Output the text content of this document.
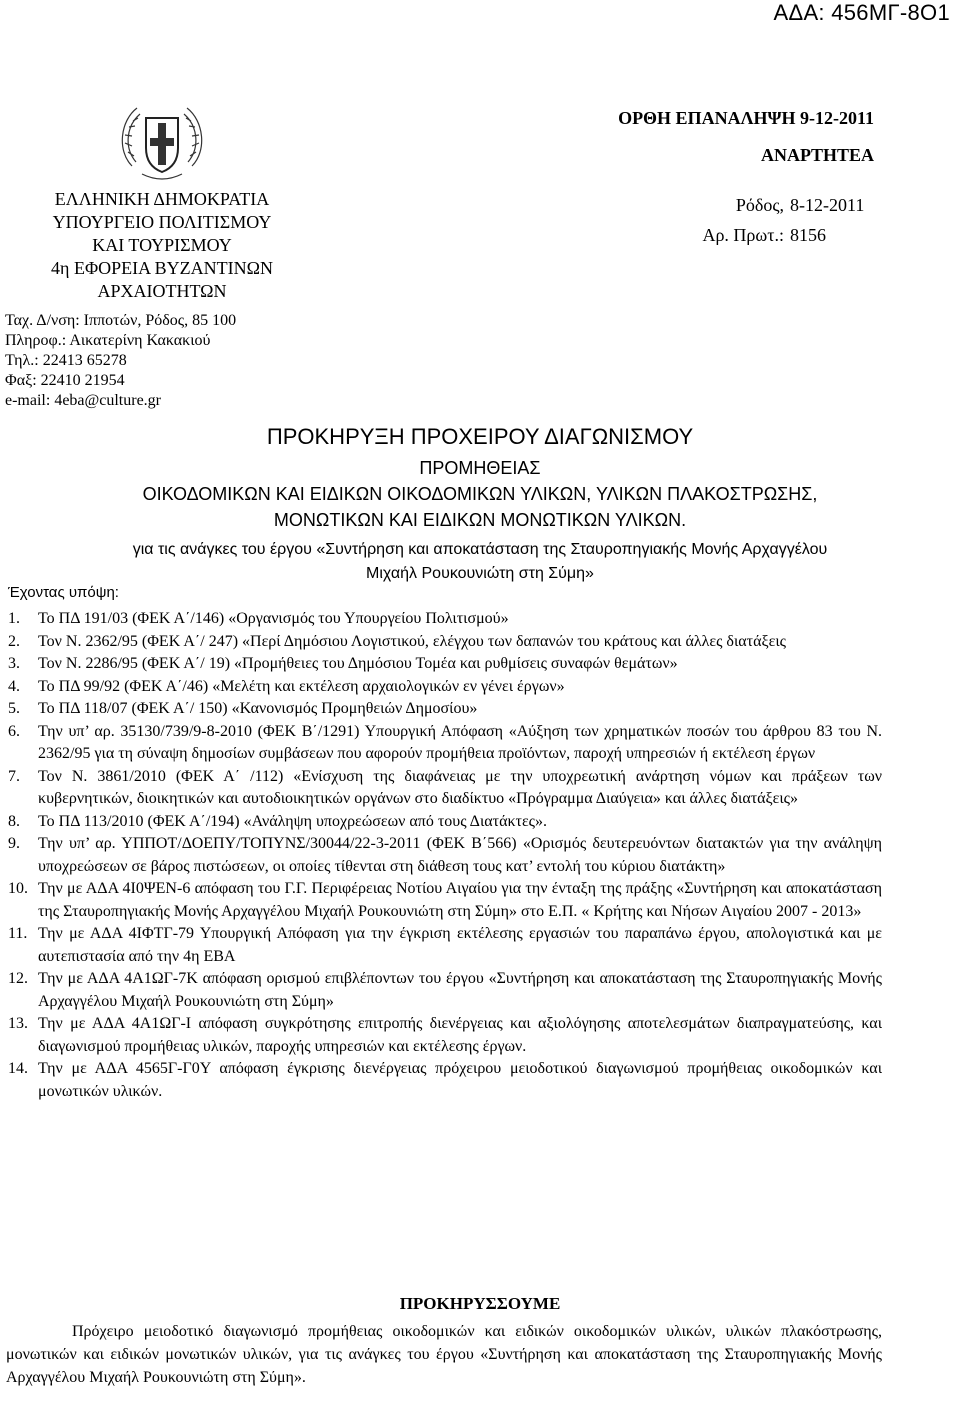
ΑΔΑ: 456ΜΓ-8Ο1
ΕΛΛΗΝΙΚΗ ΔΗΜΟΚΡΑΤΙΑ
ΥΠΟΥΡΓΕΙΟ ΠΟΛΙΤΙΣΜΟΥ
ΚΑΙ ΤΟΥΡΙΣΜΟΥ
4η ΕΦΟΡΕΙΑ ΒΥΖΑΝΤΙΝΩΝ
ΑΡΧΑΙΟΤΗΤΩΝ
Ταχ. Δ/νση: Ιπποτών, Ρόδος, 85 100
Πληροφ.: Αικατερίνη Κακακιού
Τηλ.: 22413 65278
Φαξ: 22410 21954
e-mail: 4eba@culture.gr
ΟΡΘΗ ΕΠΑΝΑΛΗΨΗ 9-12-2011
ΑΝΑΡΤΗΤΕΑ
Ρόδος, 8-12-2011
Αρ. Πρωτ.: 8156
ΠΡΟΚΗΡΥΞΗ ΠΡΟΧΕΙΡΟΥ ΔΙΑΓΩΝΙΣΜΟΥ
ΠΡΟΜΗΘΕΙΑΣ
ΟΙΚΟΔΟΜΙΚΩΝ ΚΑΙ ΕΙΔΙΚΩΝ ΟΙΚΟΔΟΜΙΚΩΝ ΥΛΙΚΩΝ, ΥΛΙΚΩΝ ΠΛΑΚΟΣΤΡΩΣΗΣ,
ΜΟΝΩΤΙΚΩΝ ΚΑΙ ΕΙΔΙΚΩΝ ΜΟΝΩΤΙΚΩΝ ΥΛΙΚΩΝ.
για τις ανάγκες του έργου «Συντήρηση και αποκατάσταση της Σταυροπηγιακής Μονής Αρχαγγέλου
Μιχαήλ Ρουκουνιώτη στη Σύμη»
Έχοντας υπόψη:
1.	Το ΠΔ 191/03 (ΦΕΚ Α΄/146) «Οργανισμός του Υπουργείου Πολιτισμού»
2.	Τον Ν. 2362/95 (ΦΕΚ Α΄/ 247) «Περί Δημόσιου Λογιστικού, ελέγχου των δαπανών του κράτους και άλλες διατάξεις
3.	Τον Ν. 2286/95 (ΦΕΚ Α΄/ 19) «Προμήθειες του Δημόσιου Τομέα και ρυθμίσεις συναφών θεμάτων»
4.	Το ΠΔ 99/92 (ΦΕΚ Α΄/46) «Μελέτη και εκτέλεση αρχαιολογικών εν γένει έργων»
5.	Το ΠΔ 118/07 (ΦΕΚ Α΄/ 150) «Κανονισμός Προμηθειών Δημοσίου»
6.	Την υπ’ αρ. 35130/739/9-8-2010 (ΦΕΚ Β΄/1291) Υπουργική Απόφαση «Αύξηση των χρηματικών ποσών του άρθρου 83 του Ν. 2362/95 για τη σύναψη δημοσίων συμβάσεων που αφορούν προμήθεια προϊόντων, παροχή υπηρεσιών ή εκτέλεση έργων
7.	Τον Ν. 3861/2010 (ΦΕΚ Α΄ /112) «Ενίσχυση της διαφάνειας με την υποχρεωτική ανάρτηση νόμων και πράξεων των κυβερνητικών, διοικητικών και αυτοδιοικητικών οργάνων στο διαδίκτυο «Πρόγραμμα Διαύγεια» και άλλες διατάξεις»
8.	Το ΠΔ 113/2010 (ΦΕΚ Α΄/194) «Ανάληψη υποχρεώσεων από τους Διατάκτες».
9.	Την υπ’ αρ. ΥΠΠΟΤ/ΔΟΕΠΥ/ΤΟΠΥΝΣ/30044/22-3-2011 (ΦΕΚ Β΄566) «Ορισμός δευτερευόντων διατακτών για την ανάληψη υποχρεώσεων σε βάρος πιστώσεων, οι οποίες τίθενται στη διάθεση τους κατ’ εντολή του κύριου διατάκτη»
10. Την με ΑΔΑ 4Ι0ΨΕΝ-6 απόφαση του Γ.Γ. Περιφέρειας Νοτίου Αιγαίου για την ένταξη της πράξης «Συντήρηση και αποκατάσταση της Σταυροπηγιακής Μονής Αρχαγγέλου Μιχαήλ Ρουκουνιώτη στη Σύμη» στο Ε.Π. « Κρήτης και Νήσων Αιγαίου 2007 - 2013»
11. Την με ΑΔΑ 4ΙΦΤΓ-79 Υπουργική Απόφαση για την έγκριση εκτέλεσης εργασιών του παραπάνω έργου, απολογιστικά και με αυτεπιστασία από την 4η ΕΒΑ
12. Την με ΑΔΑ 4Α1ΩΓ-7Κ απόφαση ορισμού επιβλέποντων του έργου «Συντήρηση και αποκατάσταση της Σταυροπηγιακής Μονής Αρχαγγέλου Μιχαήλ Ρουκουνιώτη στη Σύμη»
13. Την με ΑΔΑ 4Α1ΩΓ-Ι απόφαση συγκρότησης επιτροπής διενέργειας και αξιολόγησης αποτελεσμάτων διαπραγματεύσης, και διαγωνισμού προμήθειας υλικών, παροχής υπηρεσιών και εκτέλεσης έργων.
14. Την με ΑΔΑ 4565Γ-Γ0Υ απόφαση έγκρισης διενέργειας πρόχειρου μειοδοτικού διαγωνισμού προμήθειας οικοδομικών και μονωτικών υλικών.
ΠΡΟΚΗΡΥΣΣΟΥΜΕ
Πρόχειρο μειοδοτικό διαγωνισμό προμήθειας οικοδομικών και ειδικών οικοδομικών υλικών, υλικών πλακόστρωσης, μονωτικών και ειδικών μονωτικών υλικών, για τις ανάγκες του έργου «Συντήρηση και αποκατάσταση της Σταυροπηγιακής Μονής Αρχαγγέλου Μιχαήλ Ρουκουνιώτη στη Σύμη».
